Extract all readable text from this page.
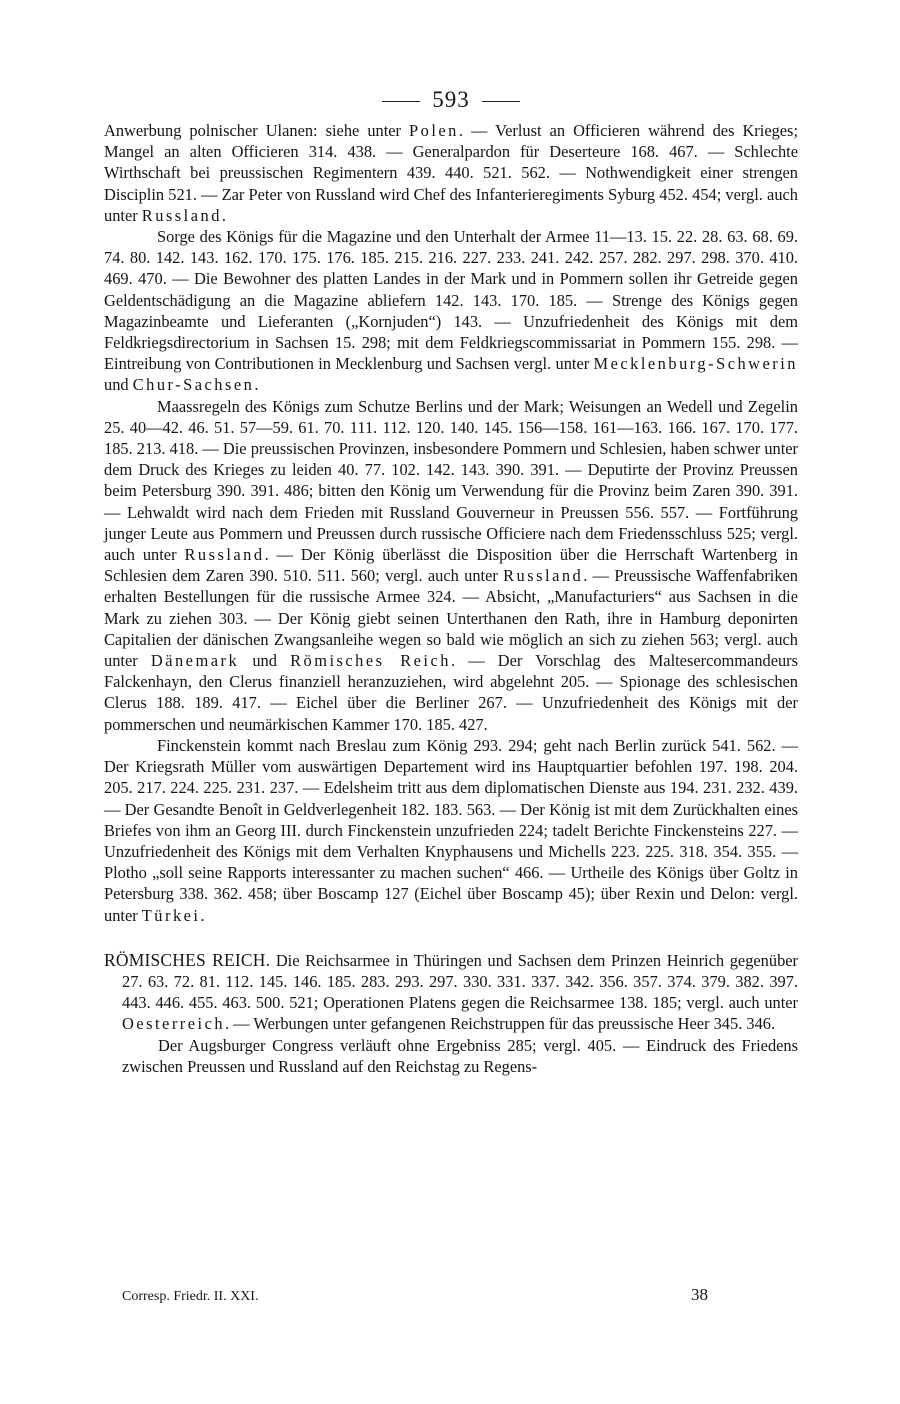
593

Anwerbung polnischer Ulanen: siehe unter Polen. — Verlust an Officieren während des Krieges; Mangel an alten Officieren 314. 438. — Generalpardon für Deserteure 168. 467. — Schlechte Wirthschaft bei preussischen Regimentern 439. 440. 521. 562. — Nothwendigkeit einer strengen Disciplin 521. — Zar Peter von Russland wird Chef des Infanterieregiments Syburg 452. 454; vergl. auch unter Russland.

Sorge des Königs für die Magazine und den Unterhalt der Armee 11—13. 15. 22. 28. 63. 68. 69. 74. 80. 142. 143. 162. 170. 175. 176. 185. 215. 216. 227. 233. 241. 242. 257. 282. 297. 298. 370. 410. 469. 470. — Die Bewohner des platten Landes in der Mark und in Pommern sollen ihr Getreide gegen Geldentschädigung an die Magazine abliefern 142. 143. 170. 185. — Strenge des Königs gegen Magazinbeamte und Lieferanten („Kornjuden“) 143. — Unzufriedenheit des Königs mit dem Feldkriegsdirectorium in Sachsen 15. 298; mit dem Feldkriegscommissariat in Pommern 155. 298. — Eintreibung von Contributionen in Mecklenburg und Sachsen vergl. unter Mecklenburg-Schwerin und Chur-Sachsen.

Maassregeln des Königs zum Schutze Berlins und der Mark; Weisungen an Wedell und Zegelin 25. 40—42. 46. 51. 57—59. 61. 70. 111. 112. 120. 140. 145. 156—158. 161—163. 166. 167. 170. 177. 185. 213. 418. — Die preussischen Provinzen, insbesondere Pommern und Schlesien, haben schwer unter dem Druck des Krieges zu leiden 40. 77. 102. 142. 143. 390. 391. — Deputirte der Provinz Preussen beim Petersburg 390. 391. 486; bitten den König um Verwendung für die Provinz beim Zaren 390. 391. — Lehwaldt wird nach dem Frieden mit Russland Gouverneur in Preussen 556. 557. — Fortführung junger Leute aus Pommern und Preussen durch russische Officiere nach dem Friedensschluss 525; vergl. auch unter Russland. — Der König überlässt die Disposition über die Herrschaft Wartenberg in Schlesien dem Zaren 390. 510. 511. 560; vergl. auch unter Russland. — Preussische Waffenfabriken erhalten Bestellungen für die russische Armee 324. — Absicht, „Manufacturiers“ aus Sachsen in die Mark zu ziehen 303. — Der König giebt seinen Unterthanen den Rath, ihre in Hamburg deponirten Capitalien der dänischen Zwangsanleihe wegen so bald wie möglich an sich zu ziehen 563; vergl. auch unter Dänemark und Römisches Reich. — Der Vorschlag des Maltesercommandeurs Falckenhayn, den Clerus finanziell heranzuziehen, wird abgelehnt 205. — Spionage des schlesischen Clerus 188. 189. 417. — Eichel über die Berliner 267. — Unzufriedenheit des Königs mit der pommerschen und neumärkischen Kammer 170. 185. 427.

Finckenstein kommt nach Breslau zum König 293. 294; geht nach Berlin zurück 541. 562. — Der Kriegsrath Müller vom auswärtigen Departement wird ins Hauptquartier befohlen 197. 198. 204. 205. 217. 224. 225. 231. 237. — Edelsheim tritt aus dem diplomatischen Dienste aus 194. 231. 232. 439. — Der Gesandte Benoît in Geldverlegenheit 182. 183. 563. — Der König ist mit dem Zurückhalten eines Briefes von ihm an Georg III. durch Finckenstein unzufrieden 224; tadelt Berichte Finckensteins 227. — Unzufriedenheit des Königs mit dem Verhalten Knyphausens und Michells 223. 225. 318. 354. 355. — Plotho „soll seine Rapports interessanter zu machen suchen“ 466. — Urtheile des Königs über Goltz in Petersburg 338. 362. 458; über Boscamp 127 (Eichel über Boscamp 45); über Rexin und Delon: vergl. unter Türkei.

RÖMISCHES REICH. Die Reichsarmee in Thüringen und Sachsen dem Prinzen Heinrich gegenüber 27. 63. 72. 81. 112. 145. 146. 185. 283. 293. 297. 330. 331. 337. 342. 356. 357. 374. 379. 382. 397. 443. 446. 455. 463. 500. 521; Operationen Platens gegen die Reichsarmee 138. 185; vergl. auch unter Oesterreich. — Werbungen unter gefangenen Reichstruppen für das preussische Heer 345. 346.

Der Augsburger Congress verläuft ohne Ergebniss 285; vergl. 405. — Eindruck des Friedens zwischen Preussen und Russland auf den Reichstag zu Regens-

Corresp. Friedr. II. XXI.	38
